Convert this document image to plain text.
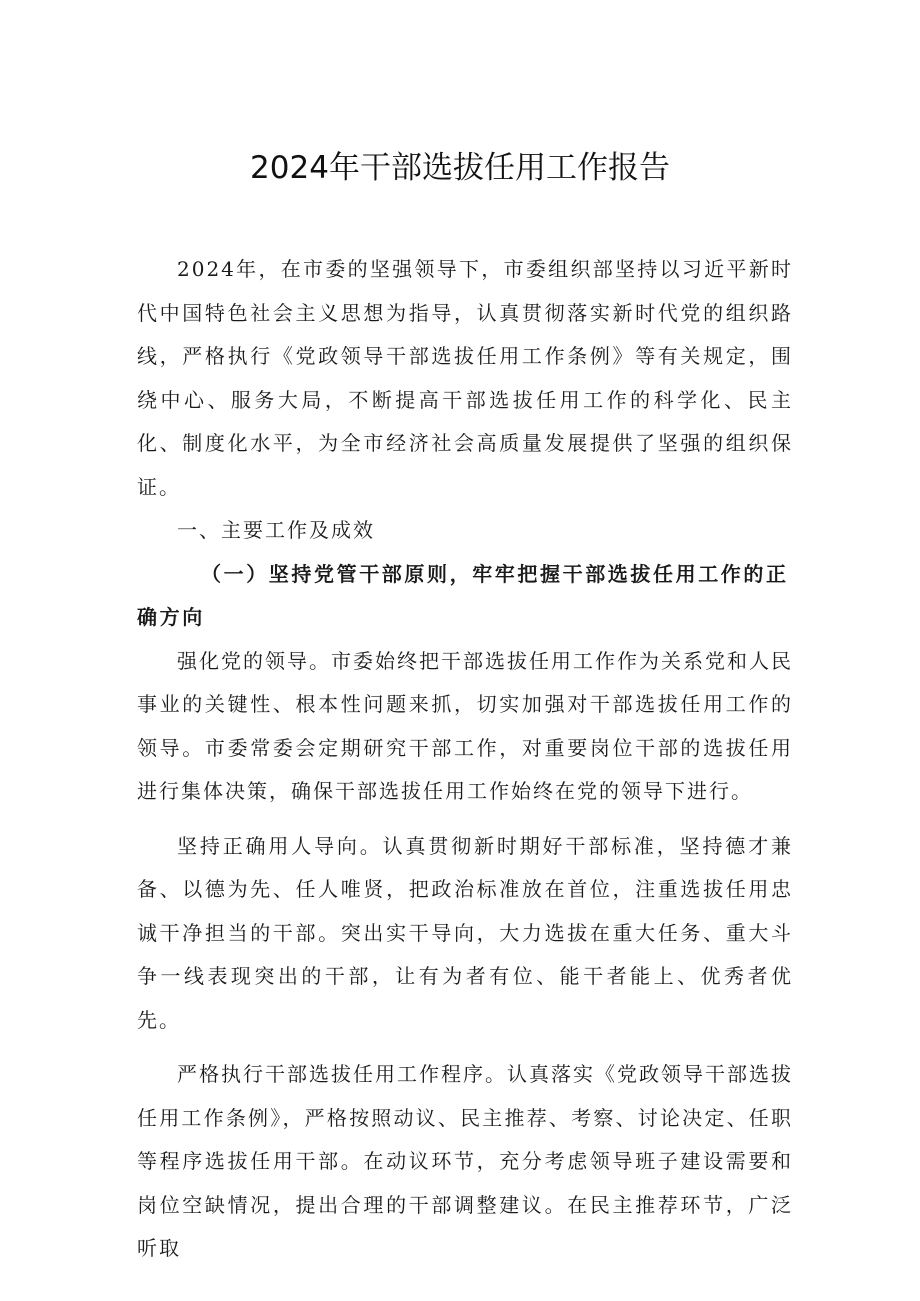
2024年干部选拔任用工作报告

2024年，在市委的坚强领导下，市委组织部坚持以习近平新时代中国特色社会主义思想为指导，认真贯彻落实新时代党的组织路线，严格执行《党政领导干部选拔任用工作条例》等有关规定，围绕中心、服务大局，不断提高干部选拔任用工作的科学化、民主化、制度化水平，为全市经济社会高质量发展提供了坚强的组织保证。

一、主要工作及成效

（一）坚持党管干部原则，牢牢把握干部选拔任用工作的正确方向

强化党的领导。市委始终把干部选拔任用工作作为关系党和人民事业的关键性、根本性问题来抓，切实加强对干部选拔任用工作的领导。市委常委会定期研究干部工作，对重要岗位干部的选拔任用进行集体决策，确保干部选拔任用工作始终在党的领导下进行。

坚持正确用人导向。认真贯彻新时期好干部标准，坚持德才兼备、以德为先、任人唯贤，把政治标准放在首位，注重选拔任用忠诚干净担当的干部。突出实干导向，大力选拔在重大任务、重大斗争一线表现突出的干部，让有为者有位、能干者能上、优秀者优先。

严格执行干部选拔任用工作程序。认真落实《党政领导干部选拔任用工作条例》，严格按照动议、民主推荐、考察、讨论决定、任职等程序选拔任用干部。在动议环节，充分考虑领导班子建设需要和岗位空缺情况，提出合理的干部调整建议。在民主推荐环节，广泛听取
